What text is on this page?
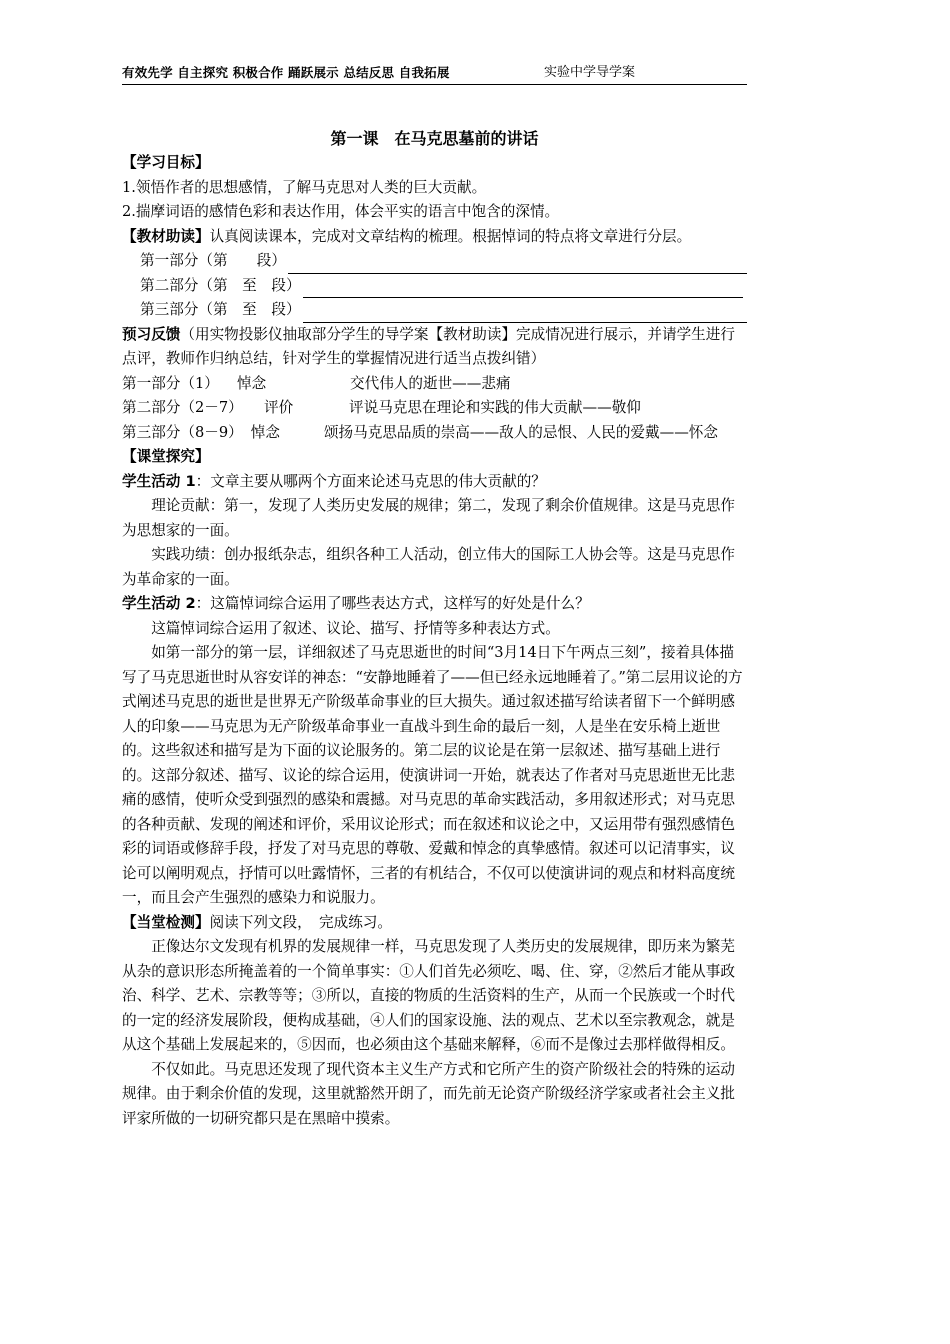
有效先学 自主探究 积极合作 踊跃展示 总结反思 自我拓展	实验中学导学案
第一课　在马克思墓前的讲话

【学习目标】

1.领悟作者的思想感情，了解马克思对人类的巨大贡献。

2.揣摩词语的感情色彩和表达作用，体会平实的语言中饱含的深情。

【教材助读】认真阅读课本，完成对文章结构的梳理。根据悼词的特点将文章进行分层。

第一部分（第　　段）
第二部分（第　至　段）
第三部分（第　至　段）

预习反馈（用实物投影仪抽取部分学生的导学案【教材助读】完成情况进行展示，并请学生进行点评，教师作归纳总结，针对学生的掌握情况进行适当点拨纠错）

第一部分（1）	悼念	交代伟人的逝世——悲痛
第二部分（2－7）	评价	评说马克思在理论和实践的伟大贡献——敬仰

第三部分（8－9） 悼念	颂扬马克思品质的崇高——敌人的忌恨、人民的爱戴——怀念

【课堂探究】

学生活动 1：文章主要从哪两个方面来论述马克思的伟大贡献的？

理论贡献：第一，发现了人类历史发展的规律；第二，发现了剩余价值规律。这是马克思作为思想家的一面。

实践功绩：创办报纸杂志，组织各种工人活动，创立伟大的国际工人协会等。这是马克思作为革命家的一面。

学生活动 2：这篇悼词综合运用了哪些表达方式，这样写的好处是什么？

这篇悼词综合运用了叙述、议论、描写、抒情等多种表达方式。

如第一部分的第一层，详细叙述了马克思逝世的时间“3月14日下午两点三刻”，接着具体描写了马克思逝世时从容安详的神态：“安静地睡着了——但已经永远地睡着了。”第二层用议论的方式阐述马克思的逝世是世界无产阶级革命事业的巨大损失。通过叙述描写给读者留下一个鲜明感人的印象——马克思为无产阶级革命事业一直战斗到生命的最后一刻，人是坐在安乐椅上逝世的。这些叙述和描写是为下面的议论服务的。第二层的议论是在第一层叙述、描写基础上进行的。这部分叙述、描写、议论的综合运用，使演讲词一开始，就表达了作者对马克思逝世无比悲痛的感情，使听众受到强烈的感染和震撼。对马克思的革命实践活动，多用叙述形式；对马克思的各种贡献、发现的阐述和评价，采用议论形式；而在叙述和议论之中，又运用带有强烈感情色彩的词语或修辞手段，抒发了对马克思的尊敬、爱戴和悼念的真挚感情。叙述可以记清事实，议论可以阐明观点，抒情可以吐露情怀，三者的有机结合，不仅可以使演讲词的观点和材料高度统一，而且会产生强烈的感染力和说服力。

【当堂检测】阅读下列文段，　完成练习。

正像达尔文发现有机界的发展规律一样，马克思发现了人类历史的发展规律，即历来为繁芜从杂的意识形态所掩盖着的一个简单事实：①人们首先必须吃、喝、住、穿，②然后才能从事政治、科学、艺术、宗教等等；③所以，直接的物质的生活资料的生产，从而一个民族或一个时代的一定的经济发展阶段，便构成基础，④人们的国家设施、法的观点、艺术以至宗教观念，就是从这个基础上发展起来的，⑤因而，也必须由这个基础来解释，⑥而不是像过去那样做得相反。

不仅如此。马克思还发现了现代资本主义生产方式和它所产生的资产阶级社会的特殊的运动规律。由于剩余价值的发现，这里就豁然开朗了，而先前无论资产阶级经济学家或者社会主义批评家所做的一切研究都只是在黑暗中摸索。
